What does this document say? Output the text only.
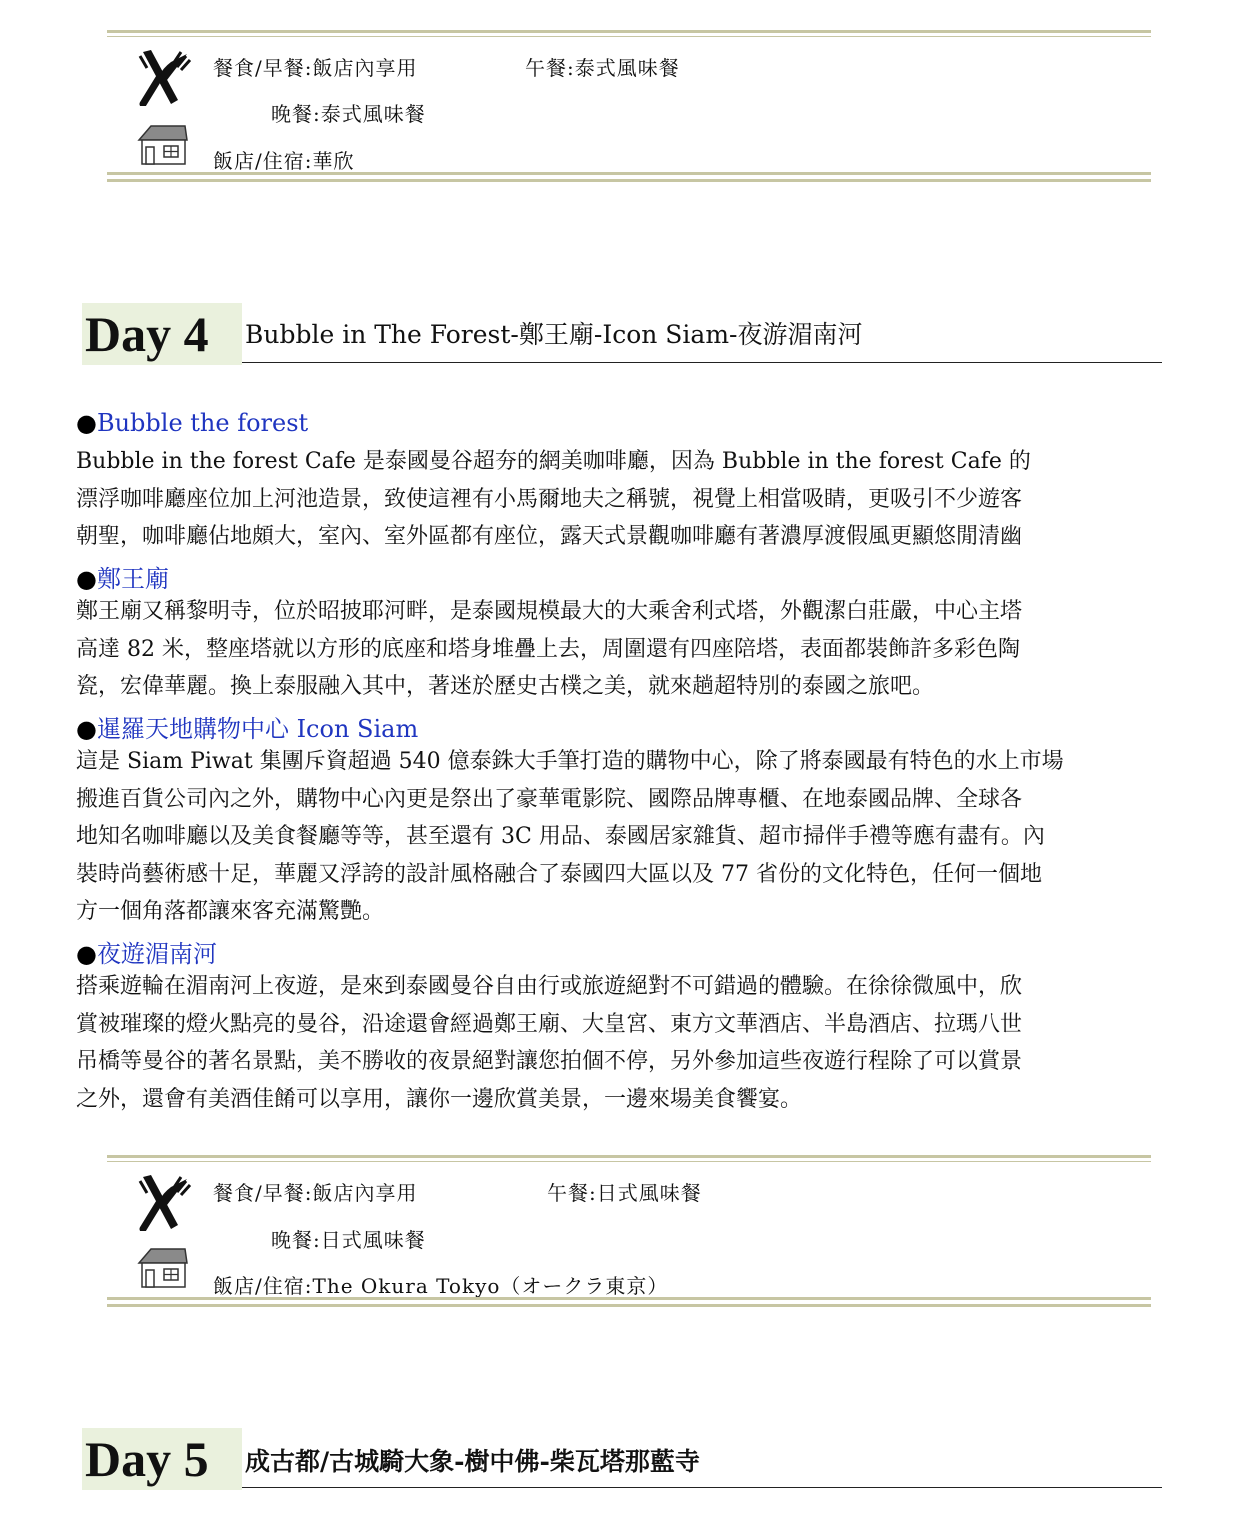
餐食/早餐:飯店內享用	午餐:泰式風味餐
晚餐:泰式風味餐
飯店/住宿:華欣
Day 4	Bubble in The Forest-鄭王廟-Icon Siam-夜游湄南河
●Bubble the forest

Bubble in the forest Cafe 是泰國曼谷超夯的網美咖啡廳，因為 Bubble in the forest Cafe 的
漂浮咖啡廳座位加上河池造景，致使這裡有小馬爾地夫之稱號，視覺上相當吸睛，更吸引不少遊客
朝聖，咖啡廳佔地頗大，室內、室外區都有座位，露天式景觀咖啡廳有著濃厚渡假風更顯悠閒清幽

●鄭王廟

鄭王廟又稱黎明寺，位於昭披耶河畔，是泰國規模最大的大乘舍利式塔，外觀潔白莊嚴，中心主塔
高達 82 米，整座塔就以方形的底座和塔身堆疊上去，周圍還有四座陪塔，表面都裝飾許多彩色陶
瓷，宏偉華麗。換上泰服融入其中，著迷於歷史古樸之美，就來趟超特別的泰國之旅吧。

●暹羅天地購物中心 Icon Siam

這是 Siam Piwat 集團斥資超過 540 億泰銖大手筆打造的購物中心，除了將泰國最有特色的水上市場
搬進百貨公司內之外，購物中心內更是祭出了豪華電影院、國際品牌專櫃、在地泰國品牌、全球各
地知名咖啡廳以及美食餐廳等等，甚至還有 3C 用品、泰國居家雜貨、超市掃伴手禮等應有盡有。內
裝時尚藝術感十足，華麗又浮誇的設計風格融合了泰國四大區以及 77 省份的文化特色，任何一個地
方一個角落都讓來客充滿驚艷。

●夜遊湄南河

搭乘遊輪在湄南河上夜遊，是來到泰國曼谷自由行或旅遊絕對不可錯過的體驗。在徐徐微風中，欣
賞被璀璨的燈火點亮的曼谷，沿途還會經過鄭王廟、大皇宮、東方文華酒店、半島酒店、拉瑪八世
吊橋等曼谷的著名景點，美不勝收的夜景絕對讓您拍個不停，另外參加這些夜遊行程除了可以賞景
之外，還會有美酒佳餚可以享用，讓你一邊欣賞美景，一邊來場美食饗宴。

餐食/早餐:飯店內享用	午餐:日式風味餐
晚餐:日式風味餐
飯店/住宿:The Okura Tokyo（オークラ東京）
Day 5	成古都/古城騎大象-樹中佛-柴瓦塔那藍寺
